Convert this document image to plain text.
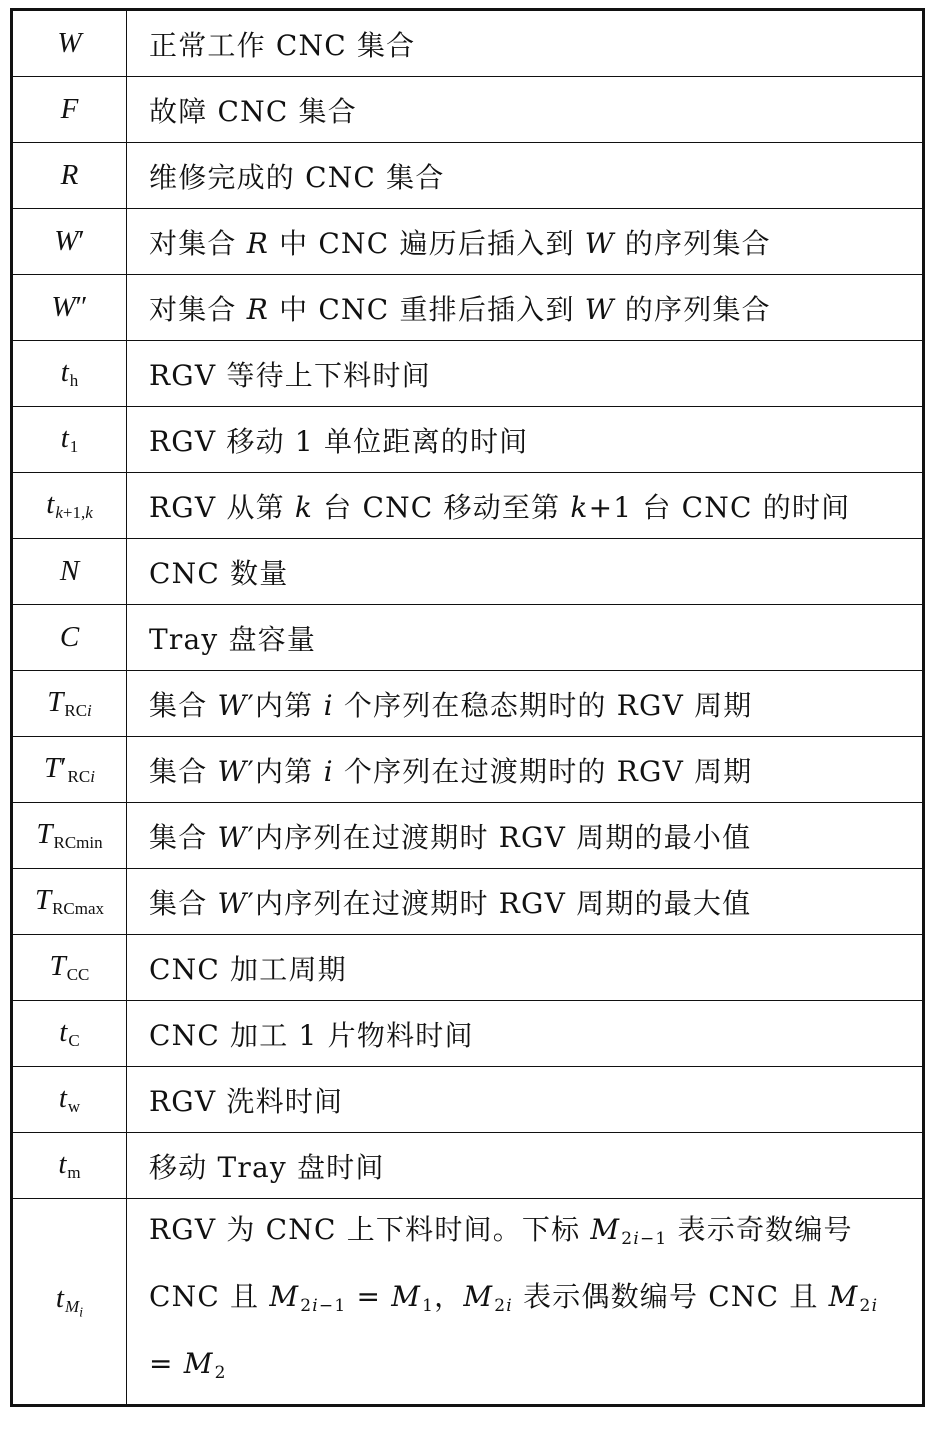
W	正常工作 CNC 集合
F	故障 CNC 集合
R	维修完成的 CNC 集合
W′	对集合 R 中 CNC 遍历后插入到 W 的序列集合
W″	对集合 R 中 CNC 重排后插入到 W 的序列集合
$t_h$	RGV 等待上下料时间
$t_1$	RGV 移动 1 单位距离的时间
$t_{k+1,k}$	RGV 从第 k 台 CNC 移动至第 k+1 台 CNC 的时间
N	CNC 数量
C	Tray 盘容量
$T_{RCi}$	集合 W′内第 i 个序列在稳态期时的 RGV 周期
$T'_{RCi}$	集合 W′内第 i 个序列在过渡期时的 RGV 周期
$T_{RCmin}$	集合 W′内序列在过渡期时 RGV 周期的最小值
$T_{RCmax}$	集合 W′内序列在过渡期时 RGV 周期的最大值
$T_{CC}$	CNC 加工周期
$t_C$	CNC 加工 1 片物料时间
$t_w$	RGV 洗料时间
$t_m$	移动 Tray 盘时间
$t_{M_i}$	RGV 为 CNC 上下料时间。下标 $M_{2i-1}$ 表示奇数编号 CNC 且 $M_{2i-1} = M_1$，$M_{2i}$ 表示偶数编号 CNC 且 $M_{2i} = M_2$
